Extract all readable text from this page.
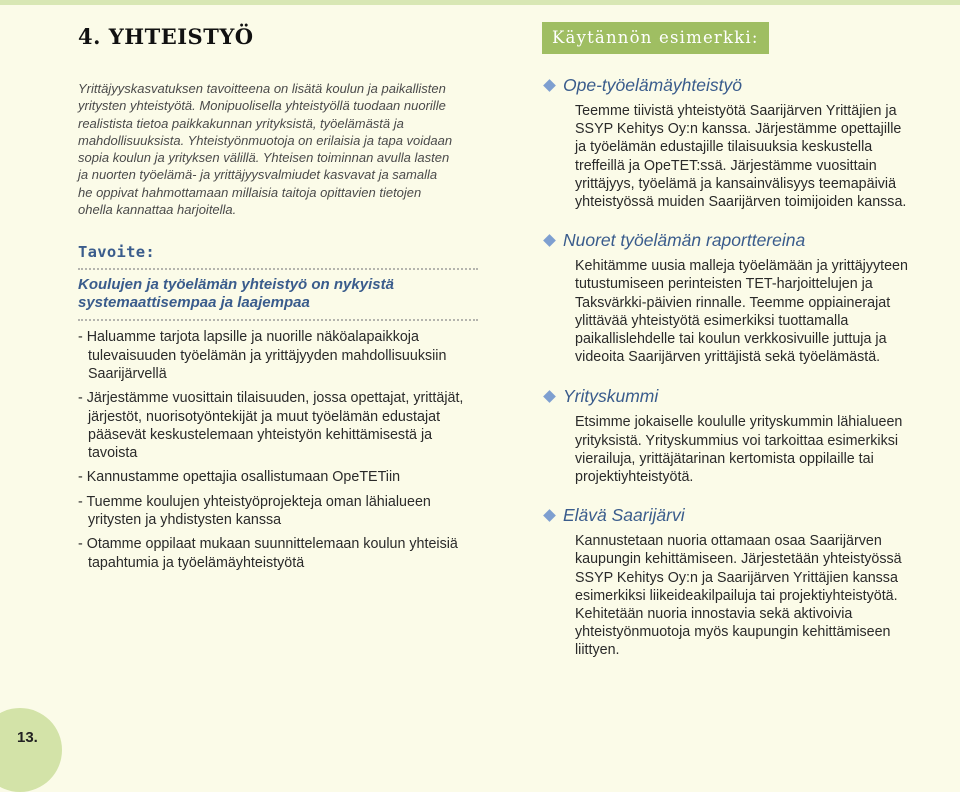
4. YHTEISTYÖ

Yrittäjyyskasvatuksen tavoitteena on lisätä koulun ja paikallisten yritysten yhteistyötä. Monipuolisella yhteistyöllä tuodaan nuorille realistista tietoa paikkakunnan yrityksistä, työelämästä ja mahdollisuuksista. Yhteistyönmuotoja on erilaisia ja tapa voidaan sopia koulun ja yrityksen välillä. Yhteisen toiminnan avulla lasten ja nuorten työelämä- ja yrittäjyysvalmiudet kasvavat ja samalla he oppivat hahmottamaan millaisia taitoja opittavien tietojen ohella kannattaa harjoitella.

Tavoite:

Koulujen ja työelämän yhteistyö on nykyistä systemaattisempaa ja laajempaa

- Haluamme tarjota lapsille ja nuorille näköalapaikkoja tulevaisuuden työelämän ja yrittäjyyden mahdollisuuksiin Saarijärvellä
- Järjestämme vuosittain tilaisuuden, jossa opettajat, yrittäjät, järjestöt, nuorisotyöntekijät ja muut työelämän edustajat pääsevät keskustelemaan yhteistyön kehittämisestä ja tavoista
- Kannustamme opettajia osallistumaan OpeTETiin
- Tuemme koulujen yhteistyöprojekteja oman lähialueen yritysten ja yhdistysten kanssa
- Otamme oppilaat mukaan suunnittelemaan koulun yhteisiä tapahtumia ja työelämäyhteistyötä
Käytännön esimerkki:
Ope-työelämäyhteistyö

Teemme tiivistä yhteistyötä Saarijärven Yrittäjien ja SSYP Kehitys Oy:n kanssa. Järjestämme opettajille ja työelämän edustajille tilaisuuksia keskustella treffeillä ja OpeTET:ssä. Järjestämme vuosittain yrittäjyys, työelämä ja kansainvälisyys teemapäiviä yhteistyössä muiden Saarijärven toimijoiden kanssa.

Nuoret työelämän raporttereina

Kehitämme uusia malleja työelämään ja yrittäjyyteen tutustumiseen perinteisten TET-harjoittelujen ja Taksvärkki-päivien rinnalle. Teemme oppiainerajat ylittävää yhteistyötä esimerkiksi tuottamalla paikallislehdelle tai koulun verkkosivuille juttuja ja videoita Saarijärven yrittäjistä sekä työelämästä.

Yrityskummi

Etsimme jokaiselle koululle yrityskummin lähialueen yrityksistä. Yrityskummius voi tarkoittaa esimerkiksi vierailuja, yrittäjätarinan kertomista oppilaille tai projektiyhteistyötä.

Elävä Saarijärvi

Kannustetaan nuoria ottamaan osaa Saarijärven kaupungin kehittämiseen. Järjestetään yhteistyössä SSYP Kehitys Oy:n ja Saarijärven Yrittäjien kanssa esimerkiksi liikeideakilpailuja tai projektiyhteistyötä. Kehitetään nuoria innostavia sekä aktivoivia yhteistyönmuotoja myös kaupungin kehittämiseen liittyen.

13.
